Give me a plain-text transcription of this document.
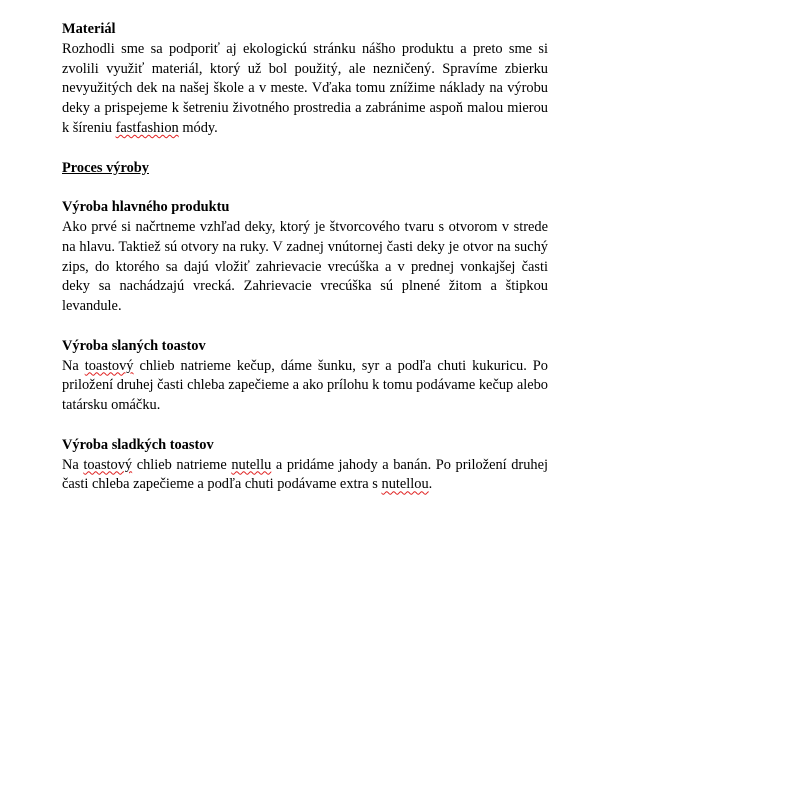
Materiál

Rozhodli sme sa podporiť aj ekologickú stránku nášho produktu a preto sme si zvolili využiť materiál, ktorý už bol použitý, ale nezničený. Spravíme zbierku nevyužitých dek na našej škole a v meste. Vďaka tomu znížime náklady na výrobu deky a prispejeme k šetreniu životného prostredia a zabránime aspoň malou mierou k šíreniu fastfashion módy.

Proces výroby

Výroba hlavného produktu

Ako prvé si načrtneme vzhľad deky, ktorý je štvorcového tvaru s otvorom v strede na hlavu. Taktiež sú otvory na ruky. V zadnej vnútornej časti deky je otvor na suchý zips, do ktorého sa dajú vložiť zahrievacie vrecúška a v prednej vonkajšej časti deky sa nachádzajú vrecká. Zahrievacie vrecúška sú plnené žitom a štipkou levandule.

Výroba slaných toastov

Na toastový chlieb natrieme kečup, dáme šunku, syr a podľa chuti kukuricu. Po priložení druhej časti chleba zapečieme a ako prílohu k tomu podávame kečup alebo tatársku omáčku.

Výroba sladkých toastov

Na toastový chlieb natrieme nutellu a pridáme jahody a banán. Po priložení druhej časti chleba zapečieme a podľa chuti podávame extra s nutellou.
